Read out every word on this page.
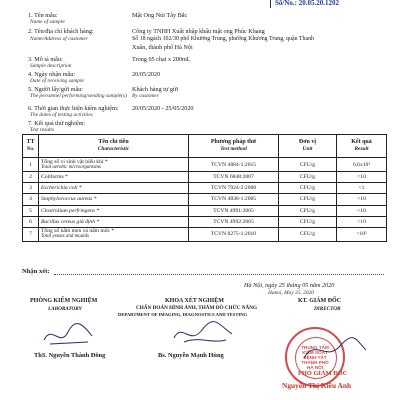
Số/No.: 20.05.20.1202
1. Tên mẫu:
Name of sample
Mật Ong Núi Tây Bắc
2. Tên/địa chỉ khách hàng:
Name/Address of customer
Công ty TNHH Xuất nhập khẩu mật ong Phúc Khang
Số 18 ngách 102/30 phố Khương Trung, phường Khương Trung, quận Thanh
Xuân, thành phố Hà Nội
3. Mô tả mẫu:
Sample description
Trong 05 chai x 200mL
4. Ngày nhận mẫu:
Date of receiving sample
20/05/2020
5. Người lấy/gửi mẫu:
The personnel performing/sending sample(s)
Khách hàng tự gửi
By customer
6. Thời gian thực hiện kiểm nghiệm:
The dates of testing activities
20/05/2020 - 25/05/2020
7. Kết quả thử nghiệm:
Test results
TT
No.	Tên chỉ tiêu
Characteristic	Phương pháp thử
Test method	Đơn vị
Unit	Kết quả
Result

1	Tổng số vi sinh vật hiếu khí *
Total aerobic microorganisms	TCVN 4884-1:2015	CFU/g	6,6x10³
2	Coliforms *	TCVN 6848:2007	CFU/g	<10
3	Escherichia coli *	TCVN 7924-2:2008	CFU/g	<1
4	Staphylococcus aureus *	TCVN 4830-1:2005	CFU/g	<10
5	Clostridium perfringens *	TCVN 4991:2005	CFU/g	<10
6	Bacillus cereus giả định *	TCVN 4992:2005	CFU/g	<10
7	Tổng số nấm men và nấm mốc *
Total yeasts and moulds	TCVN 8275-1:2010	CFU/g	<10²
Nhận xét:
Hà Nội, ngày 25 tháng 05 năm 2020
Hanoi, May 25, 2020
PHÒNG KIỂM NGHIỆM
LABORATORY
KHOA XÉT NGHIỆM
CHẨN ĐOÁN HÌNH ẢNH, THĂM DÒ CHỨC NĂNG
DEPARTMENT OF IMAGING, DIAGNOSTICS AND TESTING
KT. GIÁM ĐỐC
DIRECTOR
TRUNG TÂM
KIỂM SOÁT
BỆNH TẬT
THÀNH PHỐ
HÀ NỘI
ThS. Nguyễn Thành Đông	Bs. Nguyễn Mạnh Hùng
PHÓ GIÁM ĐỐC
Nguyễn Thị Kiều Anh
